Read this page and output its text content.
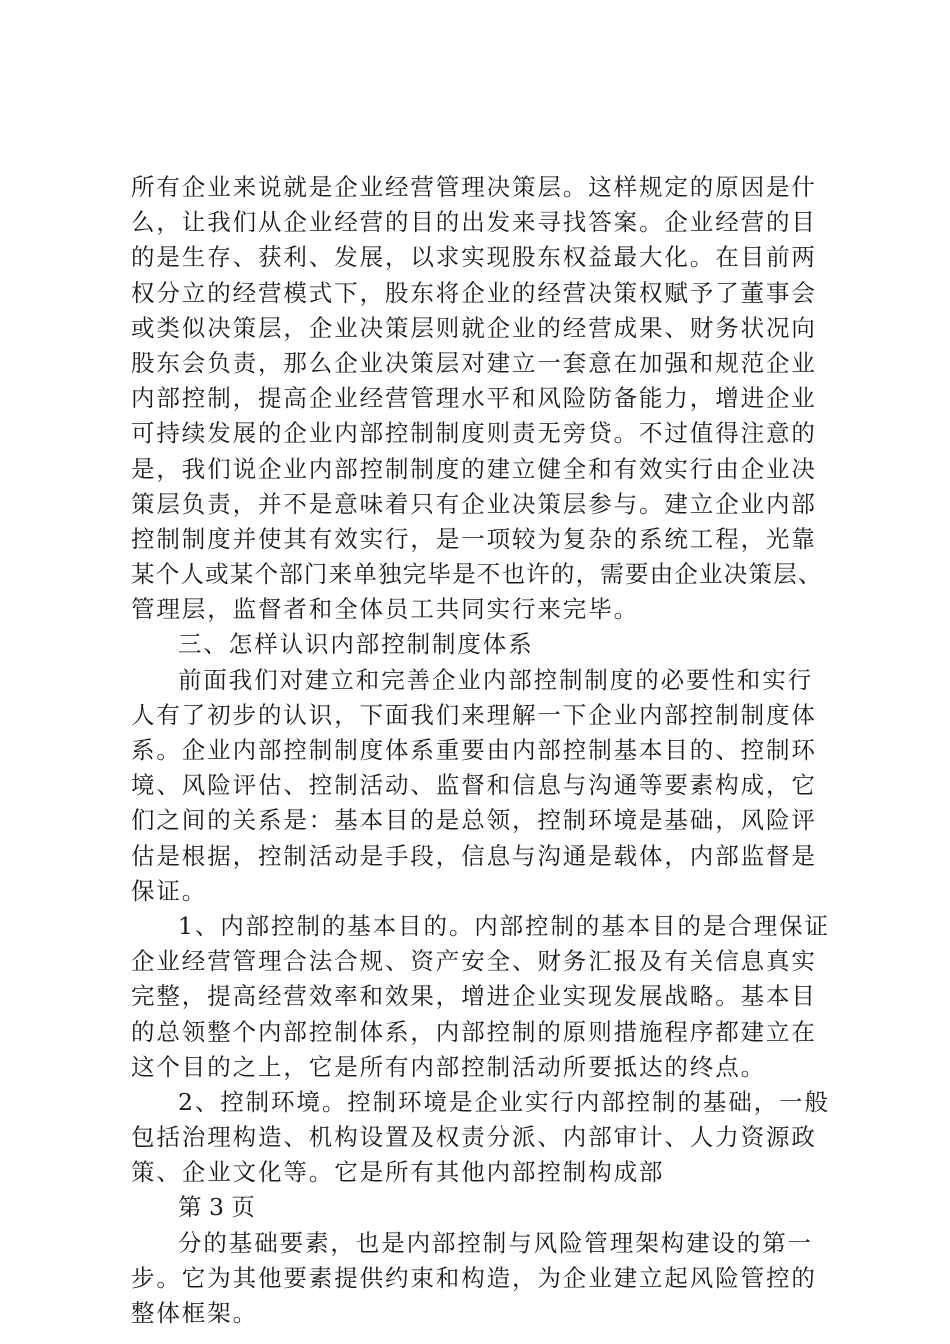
所有企业来说就是企业经营管理决策层。这样规定的原因是什
么，让我们从企业经营的目的出发来寻找答案。企业经营的目
的是生存、获利、发展，以求实现股东权益最大化。在目前两
权分立的经营模式下，股东将企业的经营决策权赋予了董事会
或类似决策层，企业决策层则就企业的经营成果、财务状况向
股东会负责，那么企业决策层对建立一套意在加强和规范企业
内部控制，提高企业经营管理水平和风险防备能力，增进企业
可持续发展的企业内部控制制度则责无旁贷。不过值得注意的
是，我们说企业内部控制制度的建立健全和有效实行由企业决
策层负责，并不是意味着只有企业决策层参与。建立企业内部
控制制度并使其有效实行，是一项较为复杂的系统工程，光靠
某个人或某个部门来单独完毕是不也许的，需要由企业决策层、
管理层，监督者和全体员工共同实行来完毕。
三、怎样认识内部控制制度体系
前面我们对建立和完善企业内部控制制度的必要性和实行
人有了初步的认识，下面我们来理解一下企业内部控制制度体
系。企业内部控制制度体系重要由内部控制基本目的、控制环
境、风险评估、控制活动、监督和信息与沟通等要素构成，它
们之间的关系是：基本目的是总领，控制环境是基础，风险评
估是根据，控制活动是手段，信息与沟通是载体，内部监督是
保证。
1、内部控制的基本目的。内部控制的基本目的是合理保证
企业经营管理合法合规、资产安全、财务汇报及有关信息真实
完整，提高经营效率和效果，增进企业实现发展战略。基本目
的总领整个内部控制体系，内部控制的原则措施程序都建立在
这个目的之上，它是所有内部控制活动所要抵达的终点。
2、控制环境。控制环境是企业实行内部控制的基础，一般
包括治理构造、机构设置及权责分派、内部审计、人力资源政
策、企业文化等。它是所有其他内部控制构成部
第 3 页
分的基础要素，也是内部控制与风险管理架构建设的第一
步。它为其他要素提供约束和构造，为企业建立起风险管控的
整体框架。
